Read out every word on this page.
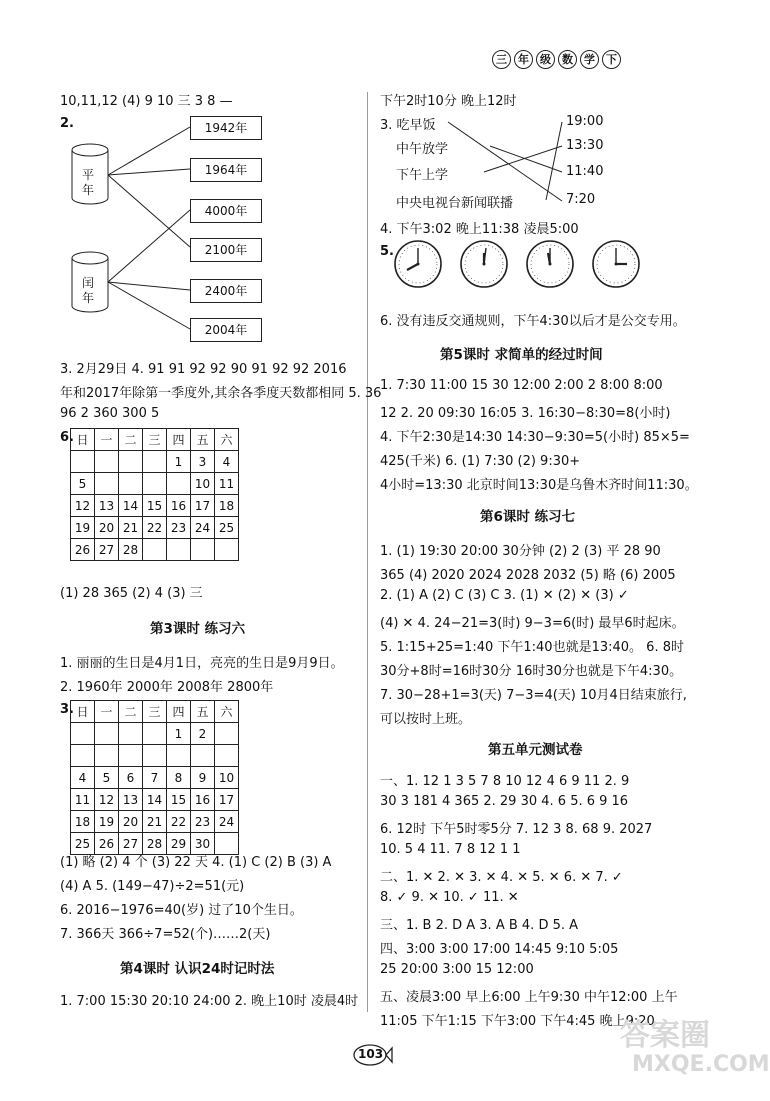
三	年	级	数	学	下
10,11,12 (4) 9 10 三 3 8 —
2.
平年
闰年
1942年
1964年
4000年
2100年
2400年
2004年
3. 2月29日 4. 91 91 92 92 90 91 92 92 2016
年和2017年除第一季度外,其余各季度天数都相同 5. 36
96 2 360 300 5
6. 日	一	二	三	四	五	六
				1	3	4
5					10	11
12	13	14	15	16	17	18
19	20	21	22	23	24	25
26	27	28				
(1) 28 365 (2) 4 (3) 三
第3课时 练习六
1. 丽丽的生日是4月1日，亮亮的生日是9月9日。
2. 1960年 2000年 2008年 2800年
3. 日	一	二	三	四	五	六
				1	2	

4	5	6	7	8	9	10
11	12	13	14	15	16	17
18	19	20	21	22	23	24
25	26	27	28	29	30	
(1) 略 (2) 4 个 (3) 22 天 4. (1) C (2) B (3) A
(4) A 5. (149−47)÷2=51(元)
6. 2016−1976=40(岁) 过了10个生日。
7. 366天 366÷7=52(个)……2(天)
第4课时 认识24时记时法
1. 7:00 15:30 20:10 24:00 2. 晚上10时 凌晨4时
下午2时10分 晚上12时
3. 吃早饭
中午放学
下午上学
中央电视台新闻联播
19:00
13:30
11:40
7:20
4. 下午3:02 晚上11:38 凌晨5:00
5.
6. 没有违反交通规则，下午4:30以后才是公交专用。
第5课时 求简单的经过时间
1. 7:30 11:00 15 30 12:00 2:00 2 8:00 8:00
12 2. 20 09:30 16:05 3. 16:30−8:30=8(小时)
4. 下午2:30是14:30 14:30−9:30=5(小时) 85×5=
425(千米) 6. (1) 7:30 (2) 9:30+
4小时=13:30 北京时间13:30是乌鲁木齐时间11:30。
第6课时 练习七
1. (1) 19:30 20:00 30分钟 (2) 2 (3) 平 28 90
365 (4) 2020 2024 2028 2032 (5) 略 (6) 2005
2. (1) A (2) C (3) C 3. (1) ✕ (2) ✕ (3) ✓
(4) ✕ 4. 24−21=3(时) 9−3=6(时) 最早6时起床。
5. 1:15+25=1:40 下午1:40也就是13:40。 6. 8时
30分+8时=16时30分 16时30分也就是下午4:30。
7. 30−28+1=3(天) 7−3=4(天) 10月4日结束旅行,
可以按时上班。
第五单元测试卷
一、1. 12 1 3 5 7 8 10 12 4 6 9 11 2. 9
30 3 181 4 365 2. 29 30 4. 6 5. 6 9 16
6. 12时 下午5时零5分 7. 12 3 8. 68 9. 2027
10. 5 4 11. 7 8 12 1 1
二、1. ✕ 2. ✕ 3. ✕ 4. ✕ 5. ✕ 6. ✕ 7. ✓
8. ✓ 9. ✕ 10. ✓ 11. ✕
三、1. B 2. D A 3. A B 4. D 5. A
四、3:00 3:00 17:00 14:45 9:10 5:05
25 20:00 3:00 15 12:00
五、凌晨3:00 早上6:00 上午9:30 中午12:00 上午
11:05 下午1:15 下午3:00 下午4:45 晚上9:20
103
答案圈
MXQE.COM
